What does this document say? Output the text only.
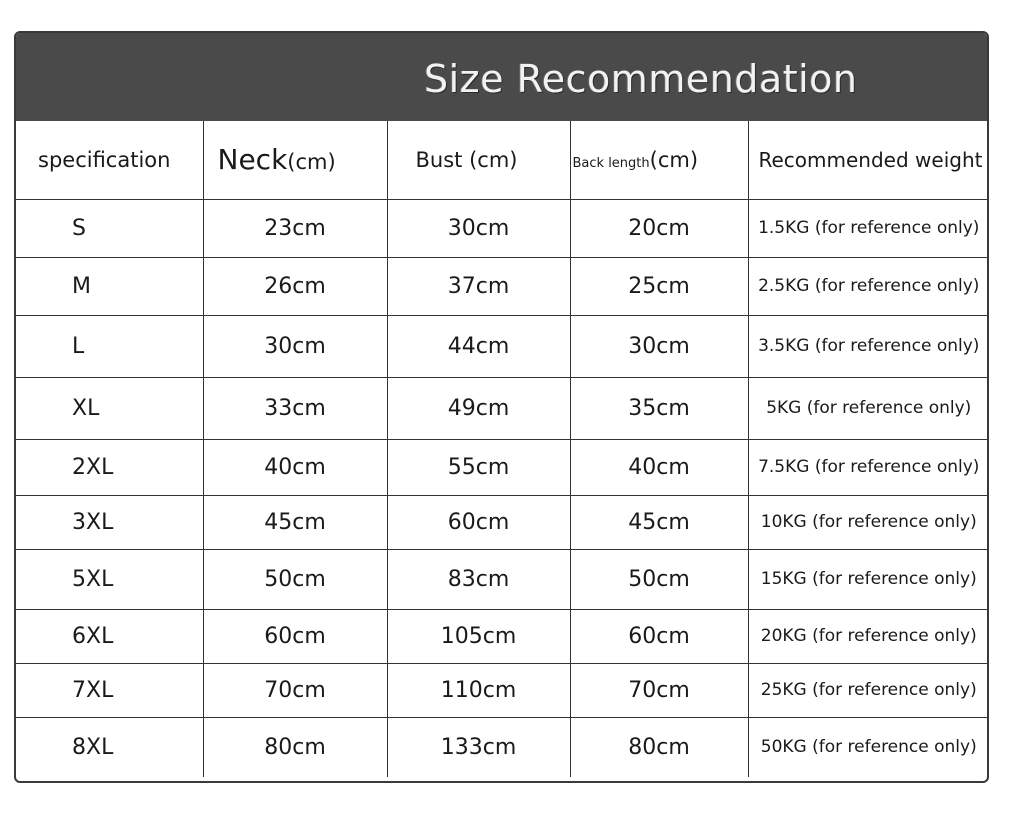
Size Recommendation
specification	Neck(cm)	Bust (cm)	Back length(cm)	Recommended weight
S	23cm	30cm	20cm	1.5KG (for reference only)
M	26cm	37cm	25cm	2.5KG (for reference only)
L	30cm	44cm	30cm	3.5KG (for reference only)
XL	33cm	49cm	35cm	5KG (for reference only)
2XL	40cm	55cm	40cm	7.5KG (for reference only)
3XL	45cm	60cm	45cm	10KG (for reference only)
5XL	50cm	83cm	50cm	15KG (for reference only)
6XL	60cm	105cm	60cm	20KG (for reference only)
7XL	70cm	110cm	70cm	25KG (for reference only)
8XL	80cm	133cm	80cm	50KG (for reference only)
